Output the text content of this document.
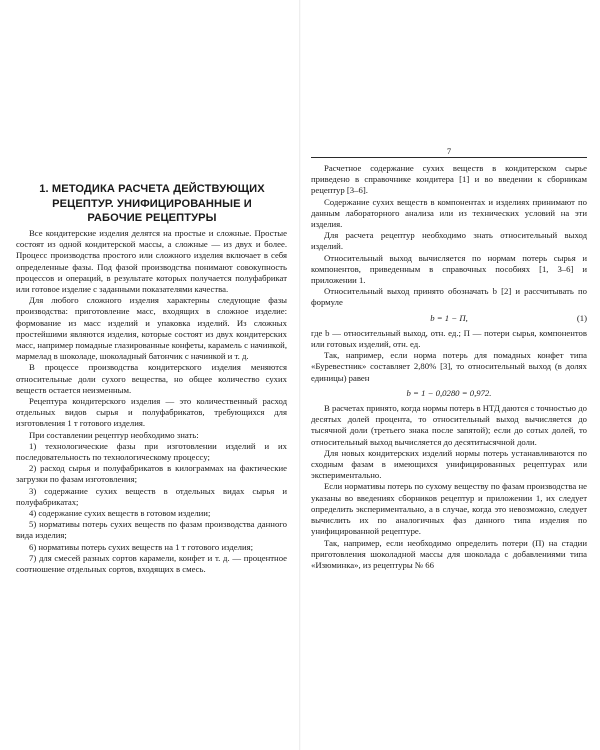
1. МЕТОДИКА РАСЧЕТА ДЕЙСТВУЮЩИХ РЕЦЕПТУР. УНИФИЦИРОВАННЫЕ И РАБОЧИЕ РЕЦЕПТУРЫ

Все кондитерские изделия делятся на простые и сложные. Простые состоят из одной кондитерской массы, а сложные — из двух и более. Процесс производства простого или сложного изделия включает в себя определенные фазы. Под фазой производства понимают совокупность процессов и операций, в результате которых получается полуфабрикат или готовое изделие с заданными показателями качества.

Для любого сложного изделия характерны следующие фазы производства: приготовление масс, входящих в сложное изделие: формование из масс изделий и упаковка изделий. Из сложных простейшими являются изделия, которые состоят из двух кондитерских масс, например помадные глазированные конфеты, карамель с начинкой, мармелад в шоколаде, шоколадный батончик с начинкой и т. д.

В процессе производства кондитерского изделия меняются относительные доли сухого вещества, но общее количество сухих веществ остается неизменным.

Рецептура кондитерского изделия — это количественный расход отдельных видов сырья и полуфабрикатов, требующихся для изготовления 1 т готового изделия.

При составлении рецептур необходимо знать:

1) технологические фазы при изготовлении изделий и их последовательность по технологическому процессу;

2) расход сырья и полуфабрикатов в килограммах на фактические загрузки по фазам изготовления;

3) содержание сухих веществ в отдельных видах сырья и полуфабрикатах;

4) содержание сухих веществ в готовом изделии;

5) нормативы потерь сухих веществ по фазам производства данного вида изделия;

6) нормативы потерь сухих веществ на 1 т готового изделия;

7) для смесей разных сортов карамели, конфет и т. д. — процентное соотношение отдельных сортов, входящих в смесь.

7

Расчетное содержание сухих веществ в кондитерском сырье приведено в справочнике кондитера [1] и во введении к сборникам рецептур [3–6].

Содержание сухих веществ в компонентах и изделиях принимают по данным лабораторного анализа или из технических условий на эти изделия.

Для расчета рецептур необходимо знать относительный выход изделий.

Относительный выход вычисляется по нормам потерь сырья и компонентов, приведенным в справочных пособиях [1, 3–6] и приложении 1.

Относительный выход принято обозначать b [2] и рассчитывать по формуле

b = 1 − П,	(1)

где b — относительный выход, отн. ед.; П — потери сырья, компонентов или готовых изделий, отн. ед.

Так, например, если норма потерь для помадных конфет типа «Буревестник» составляет 2,80% [3], то относительный выход (в долях единицы) равен

b = 1 − 0,0280 = 0,972.

В расчетах принято, когда нормы потерь в НТД даются с точностью до десятых долей процента, то относительный выход вычисляется до тысячной доли (третьего знака после запятой); если до сотых долей, то относительный выход вычисляется до десятитысячной доли.

Для новых кондитерских изделий нормы потерь устанавливаются по сходным фазам в имеющихся унифицированных рецептурах или экспериментально.

Если нормативы потерь по сухому веществу по фазам производства не указаны во введениях сборников рецептур и приложении 1, их следует определить экспериментально, а в случае, когда это невозможно, следует вычислить их по аналогичных фаз данного типа изделия по унифицированной рецептуре.

Так, например, если необходимо определить потери (П) на стадии приготовления шоколадной массы для шоколада с добавлениями типа «Изюминка», из рецептуры № 66
